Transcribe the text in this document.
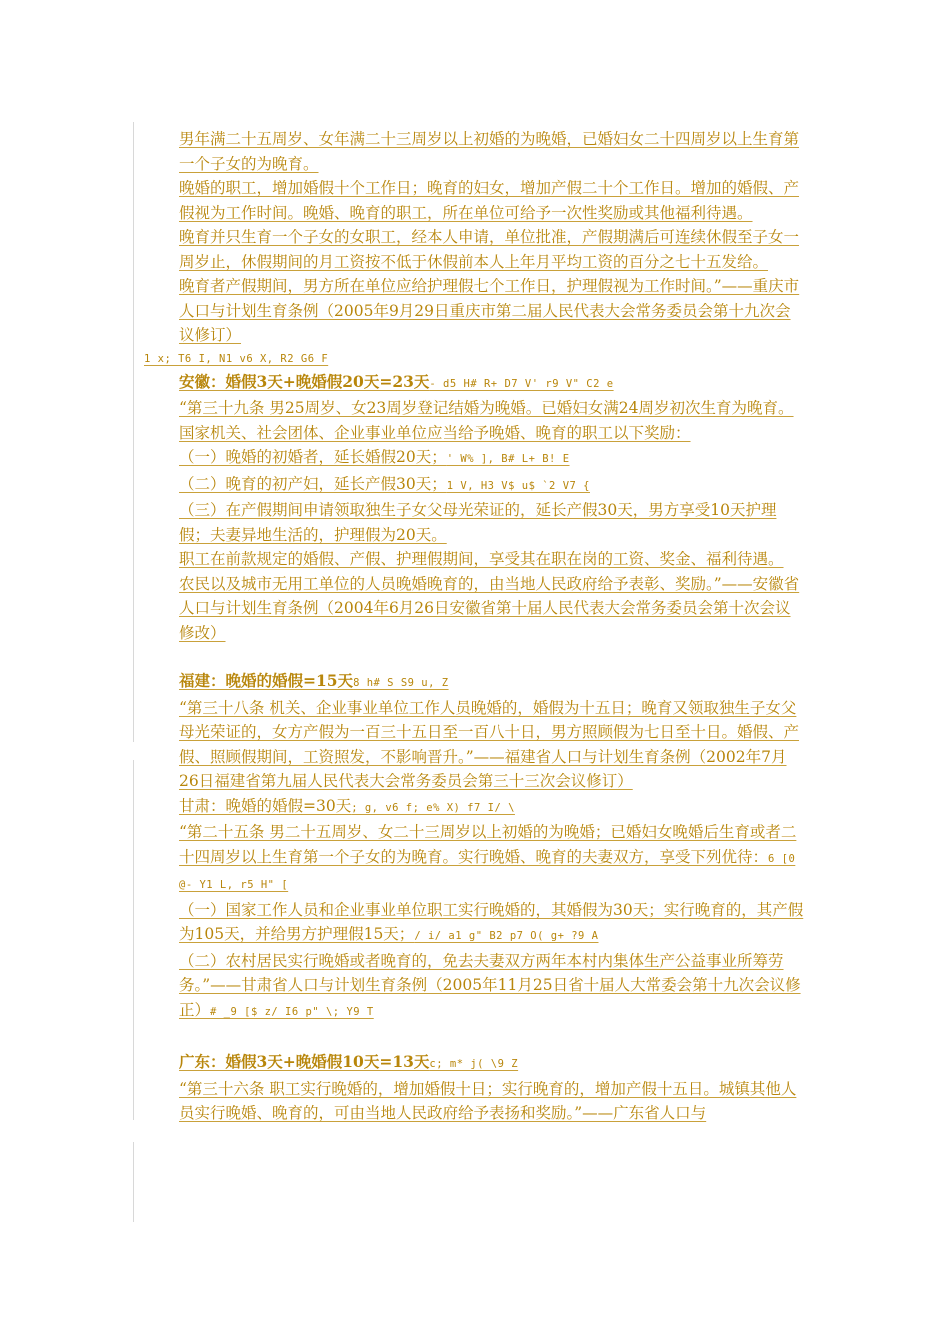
男年满二十五周岁、女年满二十三周岁以上初婚的为晚婚，已婚妇女二十四周岁以上生育第一个子女的为晚育。

晚婚的职工，增加婚假十个工作日；晚育的妇女，增加产假二十个工作日。增加的婚假、产假视为工作时间。晚婚、晚育的职工，所在单位可给予一次性奖励或其他福利待遇。

晚育并只生育一个子女的女职工，经本人申请，单位批准，产假期满后可连续休假至子女一周岁止，休假期间的月工资按不低于休假前本人上年月平均工资的百分之七十五发给。

晚育者产假期间，男方所在单位应给护理假七个工作日，护理假视为工作时间。”——重庆市人口与计划生育条例（2005年9月29日重庆市第二届人民代表大会常务委员会第十九次会议修订）

1 x; T6 I, N1 v6 X, R2 G6 F

安徽：婚假3天+晚婚假20天=23天- d5 H# R+ D7 V' r9 V" C2 e

“第三十九条 男25周岁、女23周岁登记结婚为晚婚。已婚妇女满24周岁初次生育为晚育。

国家机关、社会团体、企业事业单位应当给予晚婚、晚育的职工以下奖励：

（一）晚婚的初婚者，延长婚假20天；' W% ], B# L+ B! E

（二）晚育的初产妇，延长产假30天；1 V, H3 V$ u$ `2 V7 {

（三）在产假期间申请领取独生子女父母光荣证的，延长产假30天，男方享受10天护理假；夫妻异地生活的，护理假为20天。

职工在前款规定的婚假、产假、护理假期间，享受其在职在岗的工资、奖金、福利待遇。

农民以及城市无用工单位的人员晚婚晚育的，由当地人民政府给予表彰、奖励。”——安徽省人口与计划生育条例（2004年6月26日安徽省第十届人民代表大会常务委员会第十次会议修改）

福建：晚婚的婚假=15天8 h# S S9 u, Z

“第三十八条 机关、企业事业单位工作人员晚婚的，婚假为十五日；晚育又领取独生子女父母光荣证的，女方产假为一百三十五日至一百八十日，男方照顾假为七日至十日。婚假、产假、照顾假期间，工资照发，不影响晋升。”——福建省人口与计划生育条例（2002年7月26日福建省第九届人民代表大会常务委员会第三十三次会议修订）

甘肃：晚婚的婚假=30天; g, v6 f; e% X) f7 I/ \

“第二十五条 男二十五周岁、女二十三周岁以上初婚的为晚婚；已婚妇女晚婚后生育或者二十四周岁以上生育第一个子女的为晚育。实行晚婚、晚育的夫妻双方，享受下列优待：6 [0 @- Y1 L, r5 H" [

（一）国家工作人员和企业事业单位职工实行晚婚的，其婚假为30天；实行晚育的，其产假为105天，并给男方护理假15天；/ i/ a1 g" B2 p7 O( g+ ?9 A

（二）农村居民实行晚婚或者晚育的，免去夫妻双方两年本村内集体生产公益事业所筹劳务。”——甘肃省人口与计划生育条例（2005年11月25日省十届人大常委会第十九次会议修正）# _9 [$ z/ I6 p" \; Y9 T

广东：婚假3天+晚婚假10天=13天c; m* j( \9 Z

“第三十六条 职工实行晚婚的，增加婚假十日；实行晚育的，增加产假十五日。城镇其他人员实行晚婚、晚育的，可由当地人民政府给予表扬和奖励。”——广东省人口与
